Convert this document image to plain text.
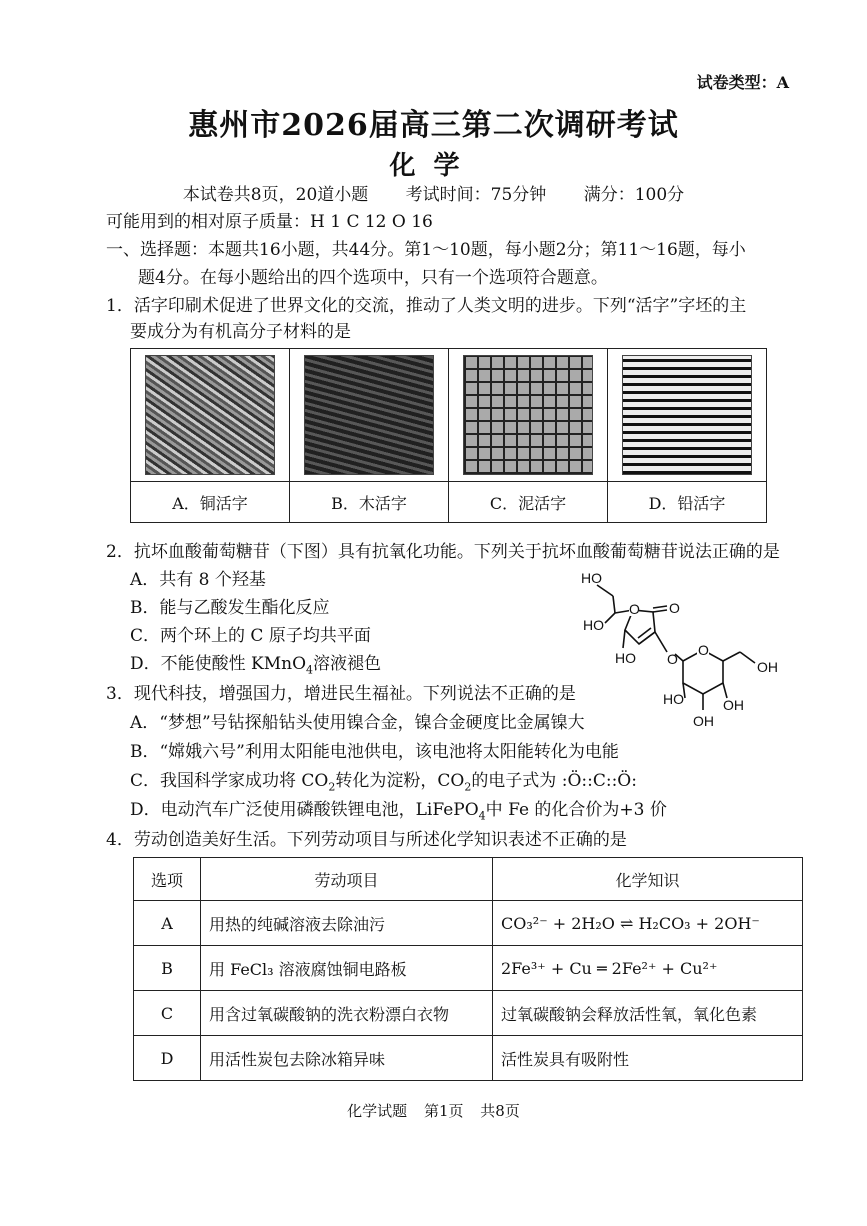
试卷类型：A
惠州市2026届高三第二次调研考试
化学
本试卷共8页，20道小题 考试时间：75分钟 满分：100分
可能用到的相对原子质量：H 1 C 12 O 16
一、选择题：本题共16小题，共44分。第1～10题，每小题2分；第11～16题，每小
题4分。在每小题给出的四个选项中，只有一个选项符合题意。
1．活字印刷术促进了世界文化的交流，推动了人类文明的进步。下列“活字”字坯的主
要成分为有机高分子材料的是

A．铜活字	B．木活字	C．泥活字	D．铅活字
2．抗坏血酸葡萄糖苷（下图）具有抗氧化功能。下列关于抗坏血酸葡萄糖苷说法正确的是
A．共有 8 个羟基
B．能与乙酸发生酯化反应
C．两个环上的 C 原子均共平面
D．不能使酸性 KMnO$_4$溶液褪色
HO
HO
O O
HO O
O
OH
HO
OH
OH
3．现代科技，增强国力，增进民生福祉。下列说法不正确的是
A．“梦想”号钻探船钻头使用镍合金，镍合金硬度比金属镍大
B．“嫦娥六号”利用太阳能电池供电，该电池将太阳能转化为电能
C．我国科学家成功将 $CO_2$转化为淀粉，$CO_2$的电子式为 :Ö::C::Ö:
D．电动汽车广泛使用磷酸铁锂电池，LiFePO$_4$中 Fe 的化合价为+3 价
4．劳动创造美好生活。下列劳动项目与所述化学知识表述不正确的是
选项	劳动项目	化学知识
A	用热的纯碱溶液去除油污	CO₃²⁻ + 2H₂O ⇌ H₂CO₃ + 2OH⁻
B	用 FeCl₃ 溶液腐蚀铜电路板	2Fe³⁺ + Cu ═ 2Fe²⁺ + Cu²⁺
C	用含过氧碳酸钠的洗衣粉漂白衣物	过氧碳酸钠会释放活性氧，氧化色素
D	用活性炭包去除冰箱异味	活性炭具有吸附性
化学试题 第1页 共8页
